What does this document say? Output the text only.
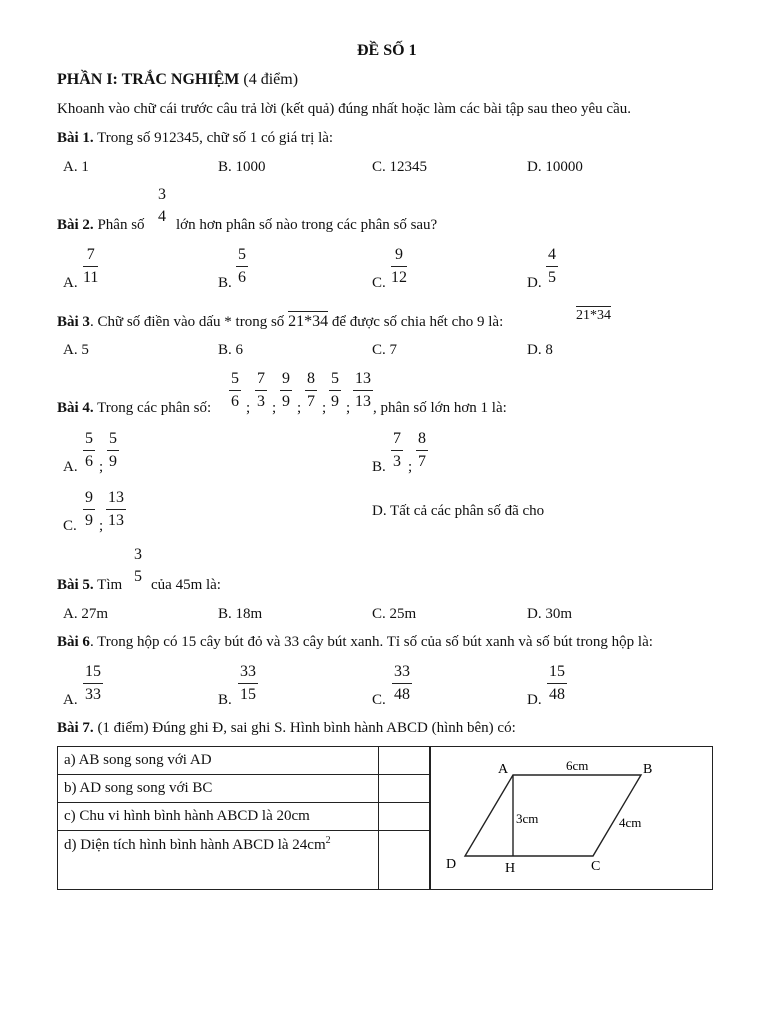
ĐỀ SỐ 1
PHẦN I: TRẮC NGHIỆM (4 điểm)
Khoanh vào chữ cái trước câu trả lời (kết quả) đúng nhất hoặc làm các bài tập sau theo yêu cầu.
Bài 1. Trong số 912345, chữ số 1 có giá trị là:
A. 1	B. 1000	C. 12345	D. 10000
Bài 2. Phân số
3
4 lớn hơn phân số nào trong các phân số sau?
A. $\frac{7}{11}$	B. $\frac{5}{6}$	C. $\frac{9}{12}$	D. $\frac{4}{5}$
Bài 3. Chữ số điền vào dấu * trong số 21*34 để được số chia hết cho 9 là:	21*34
A. 5	B. 6	C. 7	D. 8
Bài 4. Trong các phân số: $\frac{5}{6}$ ; $\frac{7}{3}$ ; $\frac{9}{9}$ ; $\frac{8}{7}$ ; $\frac{5}{9}$ ; $\frac{13}{13}$ , phân số lớn hơn 1 là:
A. $\frac{5}{6}$ ; $\frac{5}{9}$	B. $\frac{7}{3}$ ; $\frac{8}{7}$
C. $\frac{9}{9}$ ; $\frac{13}{13}$	D. Tất cả các phân số đã cho
Bài 5. Tìm
3
5 của 45m là:
A. 27m	B. 18m	C. 25m	D. 30m
Bài 6. Trong hộp có 15 cây bút đỏ và 33 cây bút xanh. Tỉ số của số bút xanh và số bút trong hộp là:
A. $\frac{15}{33}$	B. $\frac{33}{15}$	C. $\frac{33}{48}$	D. $\frac{15}{48}$
Bài 7. (1 điểm) Đúng ghi Đ, sai ghi S. Hình bình hành ABCD (hình bên) có:
a) AB song song với AD	
b) AD song song với BC	
c) Chu vi hình bình hành ABCD là 20cm	
d) Diện tích hình bình hành ABCD là $24cm^2$	
A	B
C
D	H
6cm
3cm	4cm
